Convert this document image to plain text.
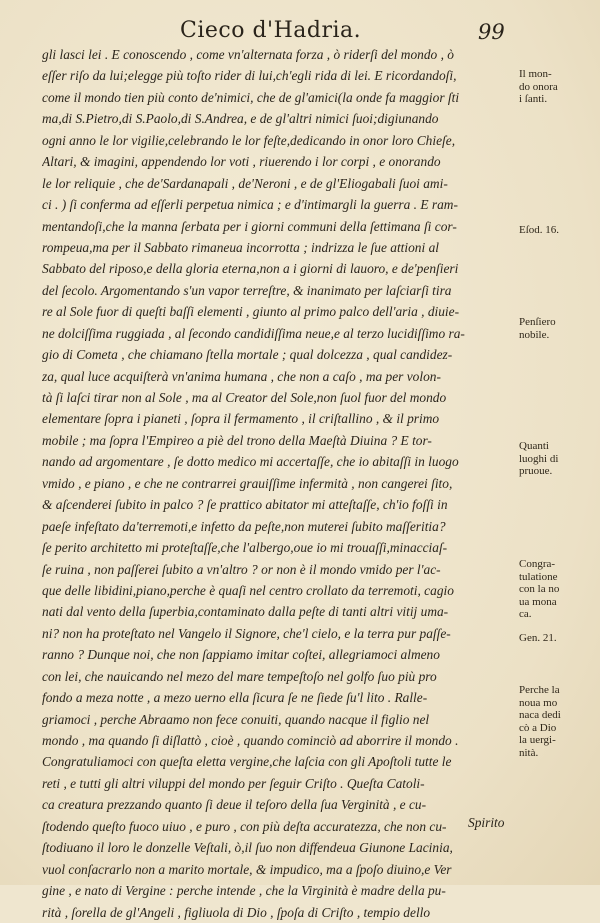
Cieco d'Hadria.	99
gli lasci lei . E conoscendo , come vn'alternata forza , ò riderſi del mondo , ò
eſſer riſo da lui;elegge più toſto rider di lui,ch'egli rida di lei. E ricordandoſi,
come il mondo tien più conto de'nimici, che de gl'amici(la onde fa maggior ſti
ma,di S.Pietro,di S.Paolo,di S.Andrea, e de gl'altri nimici ſuoi;digiunando
ogni anno le lor vigilie,celebrando le lor feſte,dedicando in onor loro Chieſe,
Altari, & imagini, appendendo lor voti , riuerendo i lor corpi , e onorando
le lor reliquie , che de'Sardanapali , de'Neroni , e de gl'Eliogabali ſuoi ami-
ci . ) ſi conferma ad eſſerli perpetua nimica ; e d'intimargli la guerra . E ram-
mentandoſi,che la manna ſerbata per i giorni communi della ſettimana ſi cor-
rompeua,ma per il Sabbato rimaneua incorrotta ; indrizza le ſue attioni al
Sabbato del riposo,e della gloria eterna,non a i giorni di lauoro, e de'penſieri
del ſecolo. Argomentando s'un vapor terreſtre, & inanimato per laſciarſi tira
re al Sole fuor di queſti baſſi elementi , giunto al primo palco dell'aria , diuie-
ne dolciſſima ruggiada , al ſecondo candidiſſima neue,e al terzo lucidiſſimo ra-
gio di Cometa , che chiamano ſtella mortale ; qual dolcezza , qual candidez-
za, qual luce acquiſterà vn'anima humana , che non a caſo , ma per volon-
tà ſi laſci tirar non al Sole , ma al Creator del Sole,non ſuol fuor del mondo
elementare ſopra i pianeti , ſopra il fermamento , il criſtallino , & il primo
mobile ; ma ſopra l'Empireo a piè del trono della Maeſtà Diuina ? E tor-
nando ad argomentare , ſe dotto medico mi accertaſſe, che io abitaſſi in luogo
vmido , e piano , e che ne contrarrei grauiſſime infermità , non cangerei ſito,
& aſcenderei ſubito in palco ? ſe prattico abitator mi atteſtaſſe, ch'io foſſi in
paeſe infeſtato da'terremoti,e infetto da peſte,non muterei ſubito maſſeritia?
ſe perito architetto mi proteſtaſſe,che l'albergo,oue io mi trouaſſi,minacciaſ-
ſe ruina , non paſſerei ſubito a vn'altro ? or non è il mondo vmido per l'ac-
que delle libidini,piano,perche è quaſi nel centro crollato da terremoti, cagio
nati dal vento della ſuperbia,contaminato dalla peſte di tanti altri vitij uma-
ni? non ha proteſtato nel Vangelo il Signore, che'l cielo, e la terra pur paſſe-
ranno ? Dunque noi, che non ſappiamo imitar coſtei, allegriamoci almeno
con lei, che nauicando nel mezo del mare tempeſtoſo nel golfo ſuo più pro
fondo a meza notte , a mezo uerno ella ſicura ſe ne ſiede ſu'l lito . Ralle-
griamoci , perche Abraamo non fece conuiti, quando nacque il figlio nel
mondo , ma quando ſi diſlattò , cioè , quando cominciò ad aborrire il mondo .
Congratuliamoci con queſta eletta vergine,che laſcia con gli Apoſtoli tutte le
reti , e tutti gli altri viluppi del mondo per ſeguir Criſto . Queſta Catoli-
ca creatura prezzando quanto ſi deue il teſoro della ſua Verginità , e cu-
ſtodendo queſto fuoco uiuo , e puro , con più deſta accuratezza, che non cu-
ſtodiuano il loro le donzelle Veſtali, ò,il ſuo non diffendeua Giunone Lacinia,
vuol conſacrarlo non a marito mortale, & impudico, ma a ſpoſo diuino,e Ver
gine , e nato di Vergine : perche intende , che la Virginità è madre della pu-
rità , ſorella de gl'Angeli , figliuola di Dio , ſpoſa di Criſto , tempio dello
Spirito
Il mon-
do onora
i ſanti.
Eſod. 16.
Penſiero
nobile.
Quanti
luoghi di
pruoue.
Congra-
tulatione
con la no
ua mona
ca.
Gen. 21.
Perche la
noua mo
naca dedi
cò a Dio
la uergi-
nità.
